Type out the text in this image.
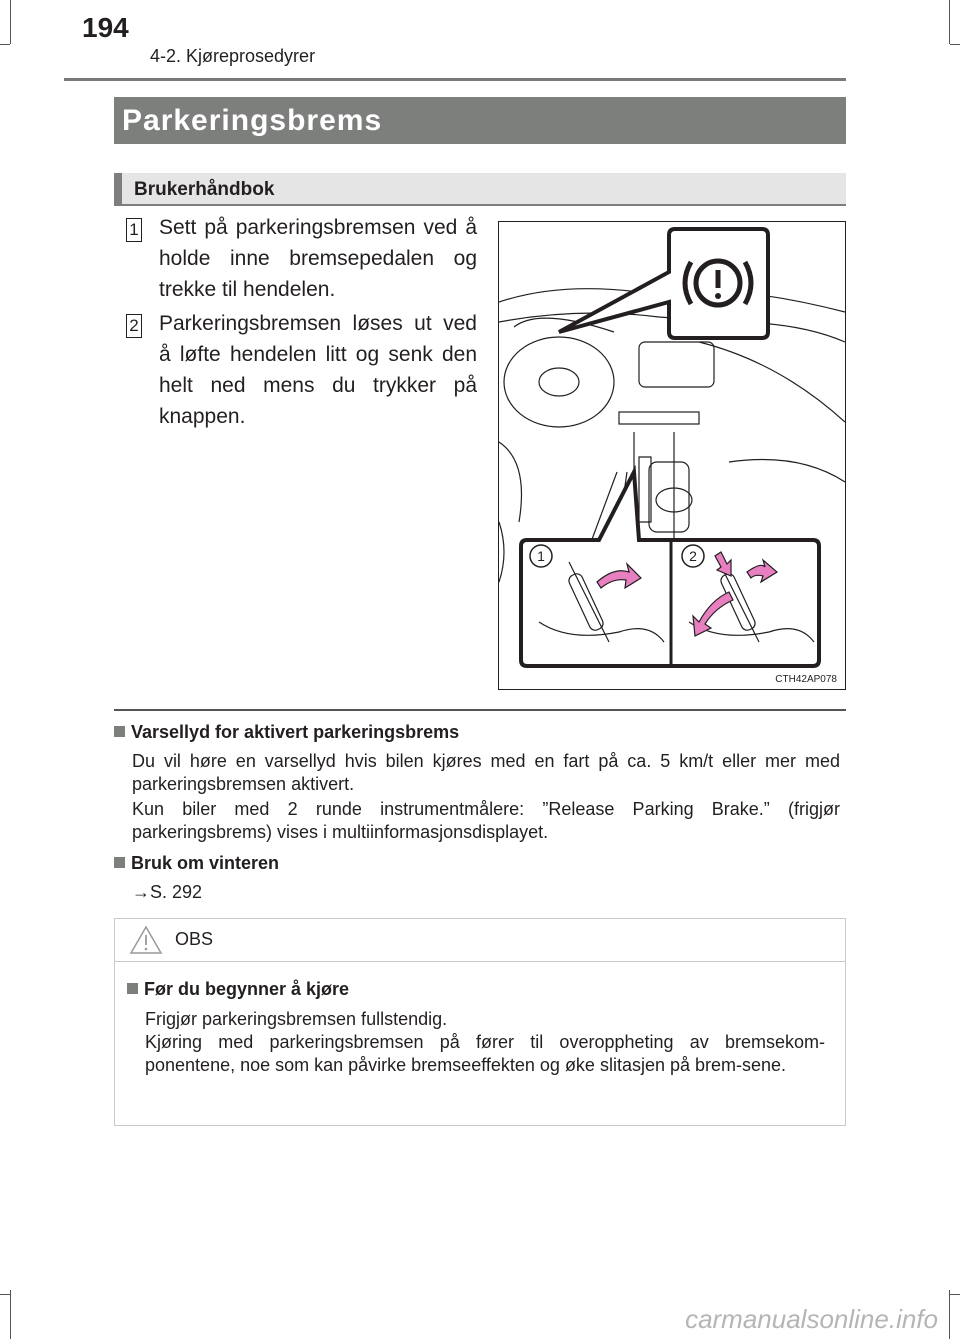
194
4-2. Kjøreprosedyrer
Parkeringsbrems
Brukerhåndbok
1 Sett på parkeringsbremsen ved å holde inne bremsepedalen og trekke til hendelen.
2 Parkeringsbremsen løses ut ved å løfte hendelen litt og senk den helt ned mens du trykker på knappen.
1	2
CTH42AP078
Varsellyd for aktivert parkeringsbrems
Du vil høre en varsellyd hvis bilen kjøres med en fart på ca. 5 km/t eller mer med parkeringsbremsen aktivert.
Kun biler med 2 runde instrumentmålere: ”Release Parking Brake.” (frigjør parkeringsbrems) vises i multiinformasjonsdisplayet.
Bruk om vinteren
→S. 292
OBS
Før du begynner å kjøre
Frigjør parkeringsbremsen fullstendig.
Kjøring med parkeringsbremsen på fører til overoppheting av bremsekom-ponentene, noe som kan påvirke bremseeffekten og øke slitasjen på brem-sene.
carmanualsonline.info
